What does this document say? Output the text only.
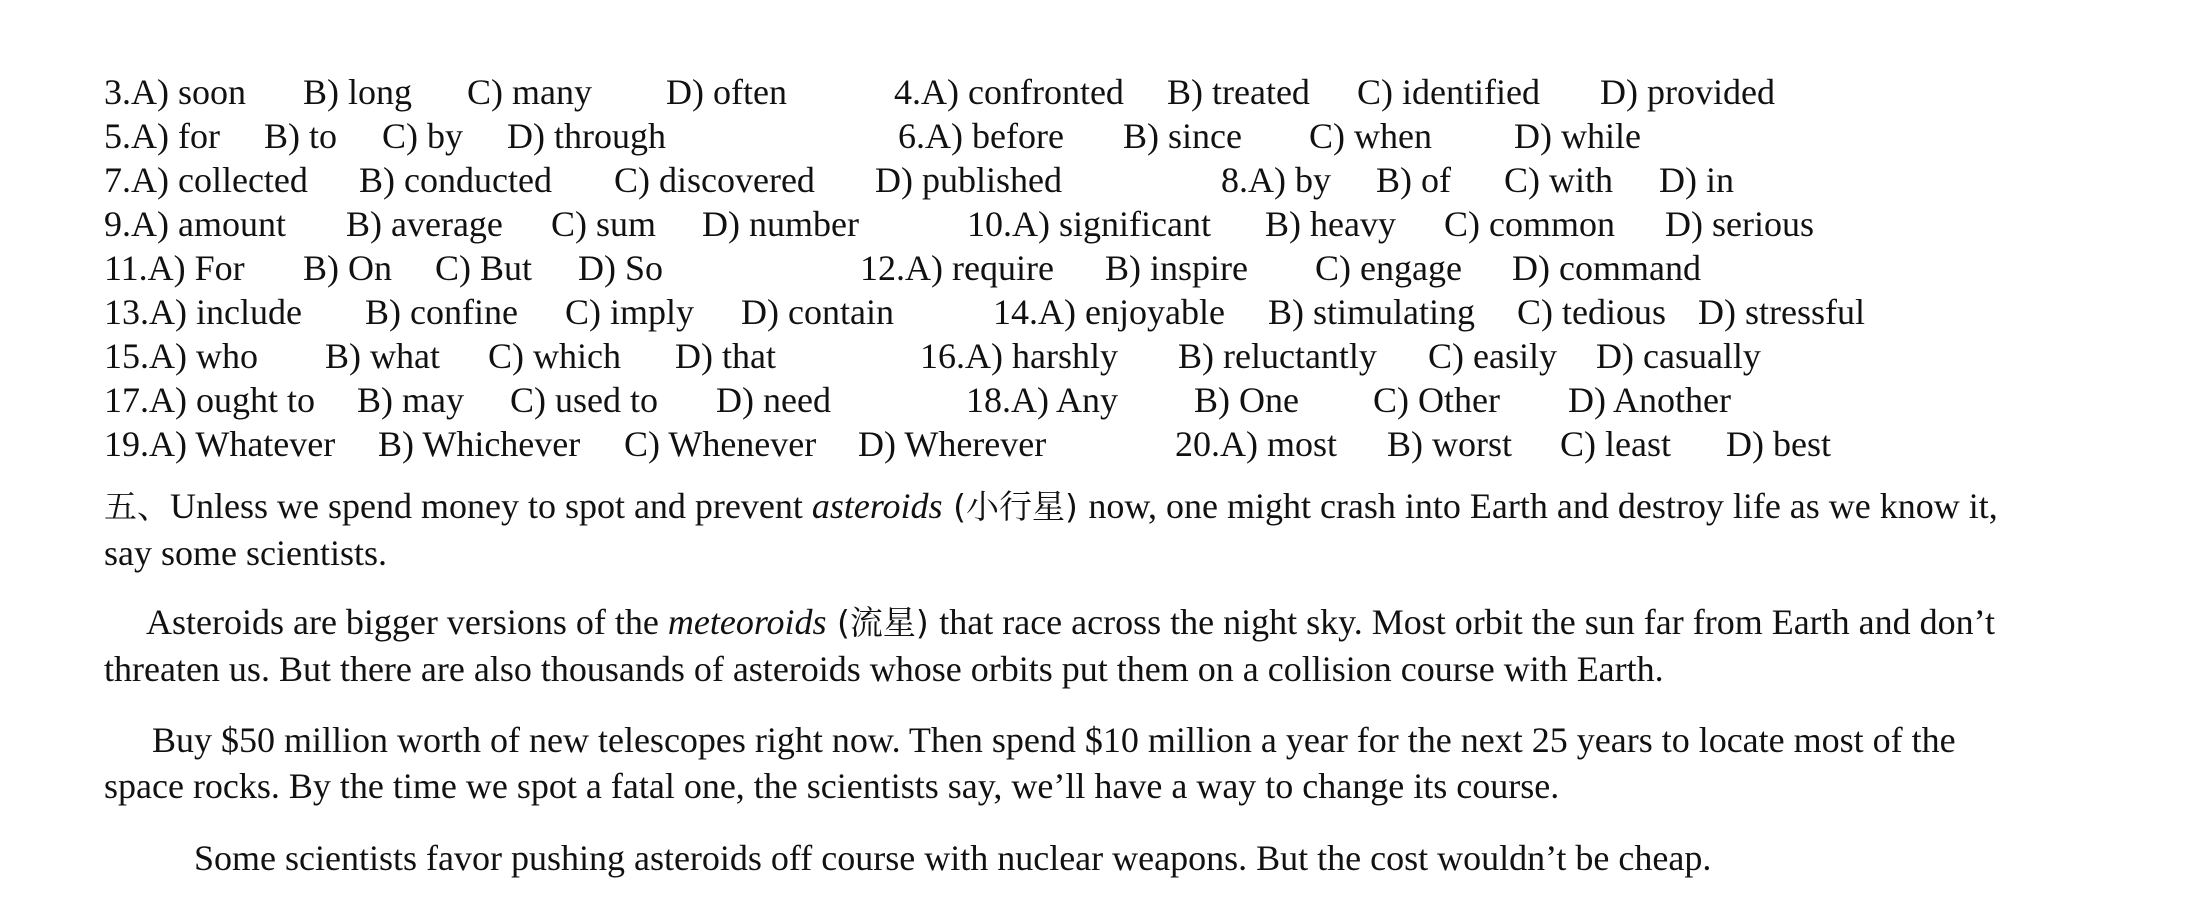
3.A) soon B) long C) many D) often	4.A) confronted B) treated C) identified D) provided
5.A) for B) to C) by D) through	6.A) before B) since C) when D) while
7.A) collected B) conducted C) discovered D) published	8.A) by B) of C) with D) in
9.A) amount B) average C) sum D) number	10.A) significant B) heavy C) common D) serious
11.A) For B) On C) But D) So	12.A) require B) inspire C) engage D) command
13.A) include B) confine C) imply D) contain	14.A) enjoyable B) stimulating C) tedious D) stressful
15.A) who B) what C) which D) that	16.A) harshly B) reluctantly C) easily D) casually
17.A) ought to B) may C) used to D) need	18.A) Any B) One C) Other D) Another
19.A) Whatever B) Whichever C) Whenever D) Wherever	20.A) most B) worst C) least D) best
五、Unless we spend money to spot and prevent asteroids (小行星) now, one might crash into Earth and destroy life as we know it,
say some scientists.
Asteroids are bigger versions of the meteoroids (流星) that race across the night sky. Most orbit the sun far from Earth and don’t
threaten us. But there are also thousands of asteroids whose orbits put them on a collision course with Earth.
Buy $50 million worth of new telescopes right now. Then spend $10 million a year for the next 25 years to locate most of the
space rocks. By the time we spot a fatal one, the scientists say, we’ll have a way to change its course.
Some scientists favor pushing asteroids off course with nuclear weapons. But the cost wouldn’t be cheap.
